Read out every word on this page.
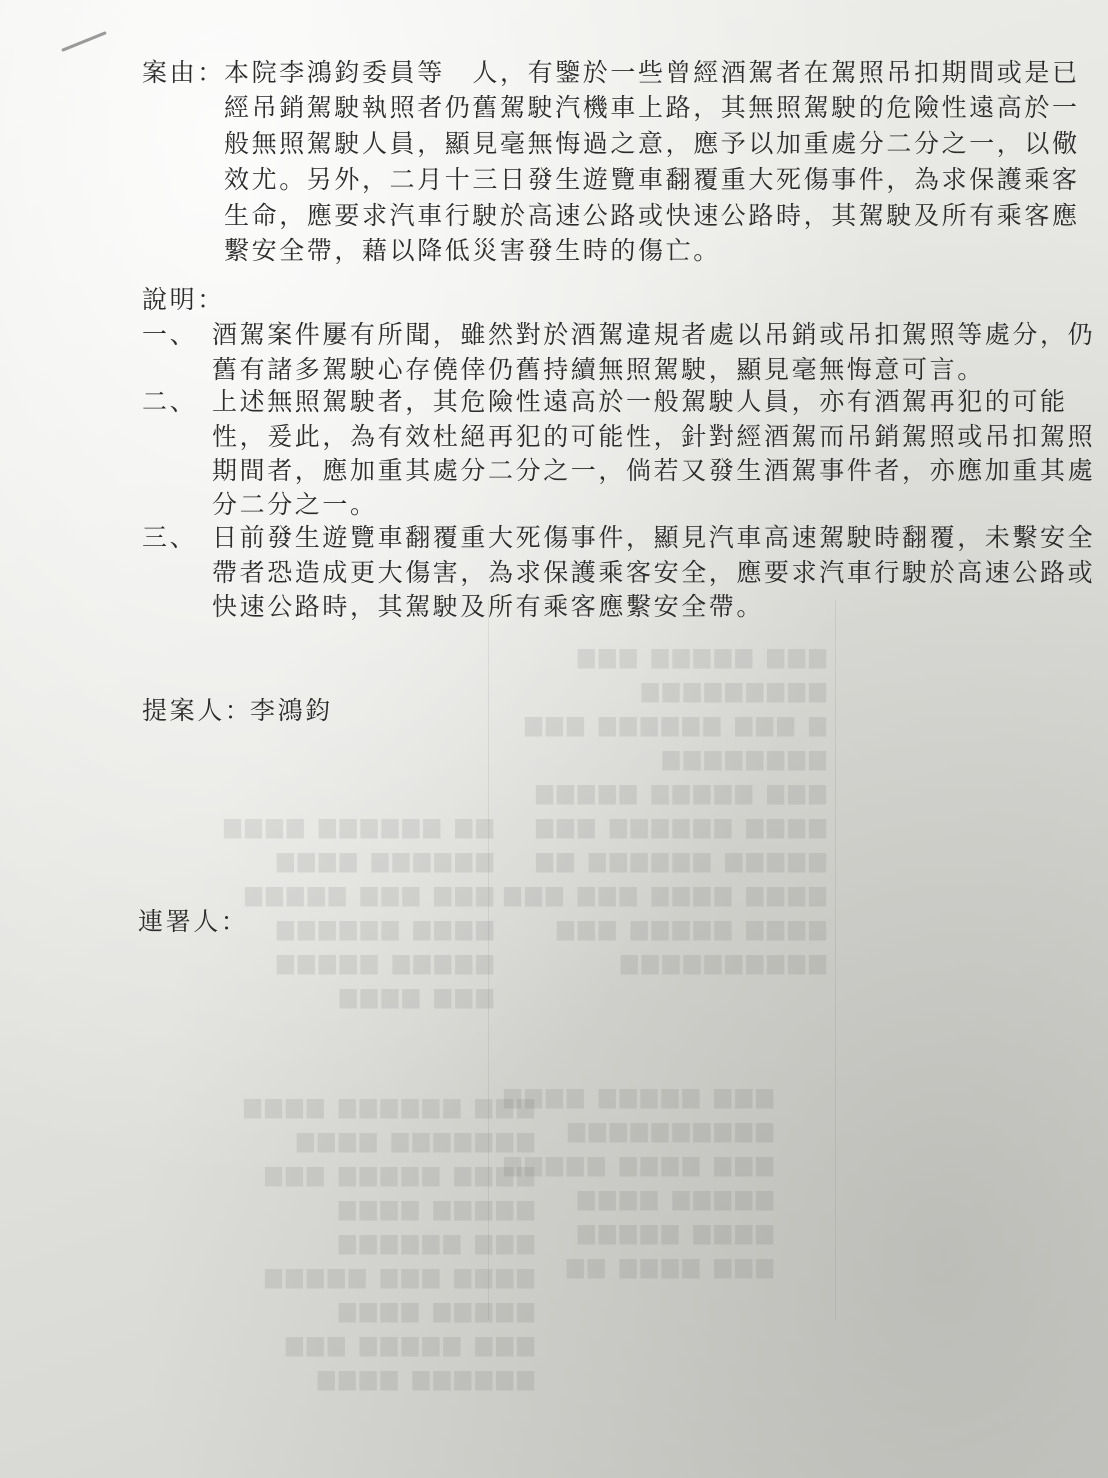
▆▆▆ ▆▆▆▆▆ ▆▆▆
▆▆▆▆▆▆▆▆▆
▆ ▆▆▆ ▆▆▆▆▆▆ ▆▆▆
▆▆▆▆▆▆▆▆
▆▆▆ ▆▆▆▆▆ ▆▆▆▆▆
▆▆▆▆ ▆▆▆▆▆▆ ▆▆▆
▆▆▆▆▆ ▆▆▆▆▆▆ ▆▆
▆▆▆▆ ▆▆▆▆ ▆▆▆ ▆▆▆
▆▆▆▆ ▆▆▆▆▆ ▆▆▆
▆▆▆▆▆▆▆▆▆▆
▆▆ ▆▆▆▆▆▆ ▆▆▆▆
▆▆▆▆▆▆ ▆▆▆▆
▆▆▆ ▆▆▆ ▆▆▆▆▆
▆▆▆▆ ▆▆▆▆▆▆
▆▆▆▆▆ ▆▆▆▆▆
▆▆▆ ▆▆▆▆
▆▆▆ ▆▆▆▆▆▆ ▆▆▆▆
▆▆▆▆▆▆▆ ▆▆▆▆
▆▆▆▆ ▆▆▆▆▆ ▆▆▆
▆▆▆▆▆ ▆▆▆▆
▆▆▆ ▆▆▆▆▆▆
▆▆▆▆ ▆▆▆ ▆▆▆▆▆
▆▆▆▆▆ ▆▆▆▆
▆▆▆ ▆▆▆▆▆ ▆▆▆
▆▆▆▆▆▆ ▆▆▆▆
▆▆▆ ▆▆▆▆▆ ▆▆▆▆
▆▆▆▆▆▆▆▆▆▆
▆▆▆ ▆▆▆▆ ▆▆▆▆▆
▆▆▆▆▆ ▆▆▆▆
▆▆▆▆ ▆▆▆▆▆
▆▆▆ ▆▆▆▆ ▆▆
案由： 本院李鴻鈞委員等　人，有鑒於一些曾經酒駕者在駕照吊扣期間或是已
經吊銷駕駛執照者仍舊駕駛汽機車上路，其無照駕駛的危險性遠高於一
般無照駕駛人員，顯見毫無悔過之意，應予以加重處分二分之一，以儆
效尤。另外，二月十三日發生遊覽車翻覆重大死傷事件，為求保護乘客
生命，應要求汽車行駛於高速公路或快速公路時，其駕駛及所有乘客應
繫安全帶，藉以降低災害發生時的傷亡。
說明：
一、 酒駕案件屢有所聞，雖然對於酒駕違規者處以吊銷或吊扣駕照等處分，仍
舊有諸多駕駛心存僥倖仍舊持續無照駕駛，顯見毫無悔意可言。
二、 上述無照駕駛者，其危險性遠高於一般駕駛人員，亦有酒駕再犯的可能
性，爰此，為有效杜絕再犯的可能性，針對經酒駕而吊銷駕照或吊扣駕照
期間者，應加重其處分二分之一，倘若又發生酒駕事件者，亦應加重其處
分二分之一。
三、 日前發生遊覽車翻覆重大死傷事件，顯見汽車高速駕駛時翻覆，未繫安全
帶者恐造成更大傷害，為求保護乘客安全，應要求汽車行駛於高速公路或
快速公路時，其駕駛及所有乘客應繫安全帶。
提案人：
李鴻鈞
連署人：
